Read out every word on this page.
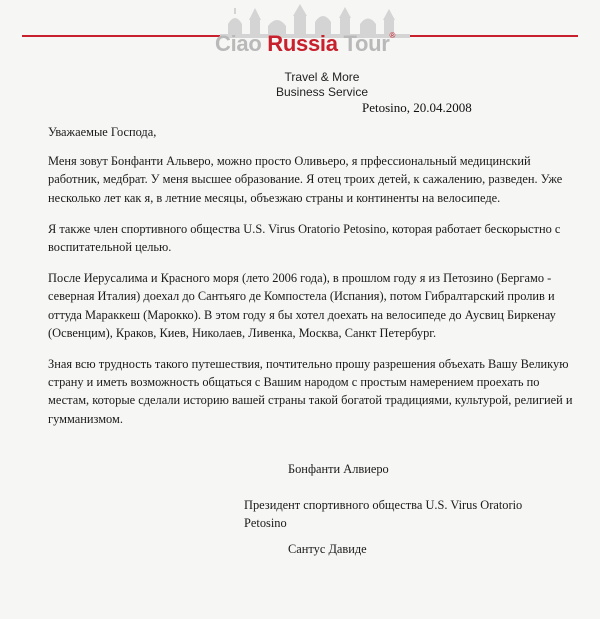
Ciao Russia Tour®
Travel & More
Business Service
Petosino, 20.04.2008

Уважаемые Господа,

Меня зовут Бонфанти Альверо, можно просто Оливьеро, я прфессиональный медицинский работник, медбрат. У меня высшее образование. Я отец троих детей, к сажалению, разведен. Уже несколько лет как я, в летние месяцы, объезжаю страны и континенты на велосипеде.

Я также член спортивного общества U.S. Virus Oratorio Petosino, которая работает бескорыстно с воспитательной целью.

После Иерусалима и Красного моря (лето 2006 года), в прошлом году я из Петозино (Бергамо - северная Италия) доехал до Сантьяго де Компостела (Испания), потом Гибралтарский пролив и оттуда Мараккеш (Марокко). В этом году я бы хотел доехать на велосипеде до Аусвиц Биркенау (Освенцим), Краков, Киев, Николаев, Ливенка, Москва, Санкт Петербург.

Зная всю трудность такого путешествия, почтительно прошу разрешения объехать Вашу Великую страну и иметь возможность общаться с Вашим народом с простым намерением проехать по местам, которые сделали историю вашей страны такой богатой традициями, культурой, религией и гумманизмом.

Бонфанти Алвиеро
Президент спортивного общества U.S. Virus Oratorio Petosino
Сантус Давиде
